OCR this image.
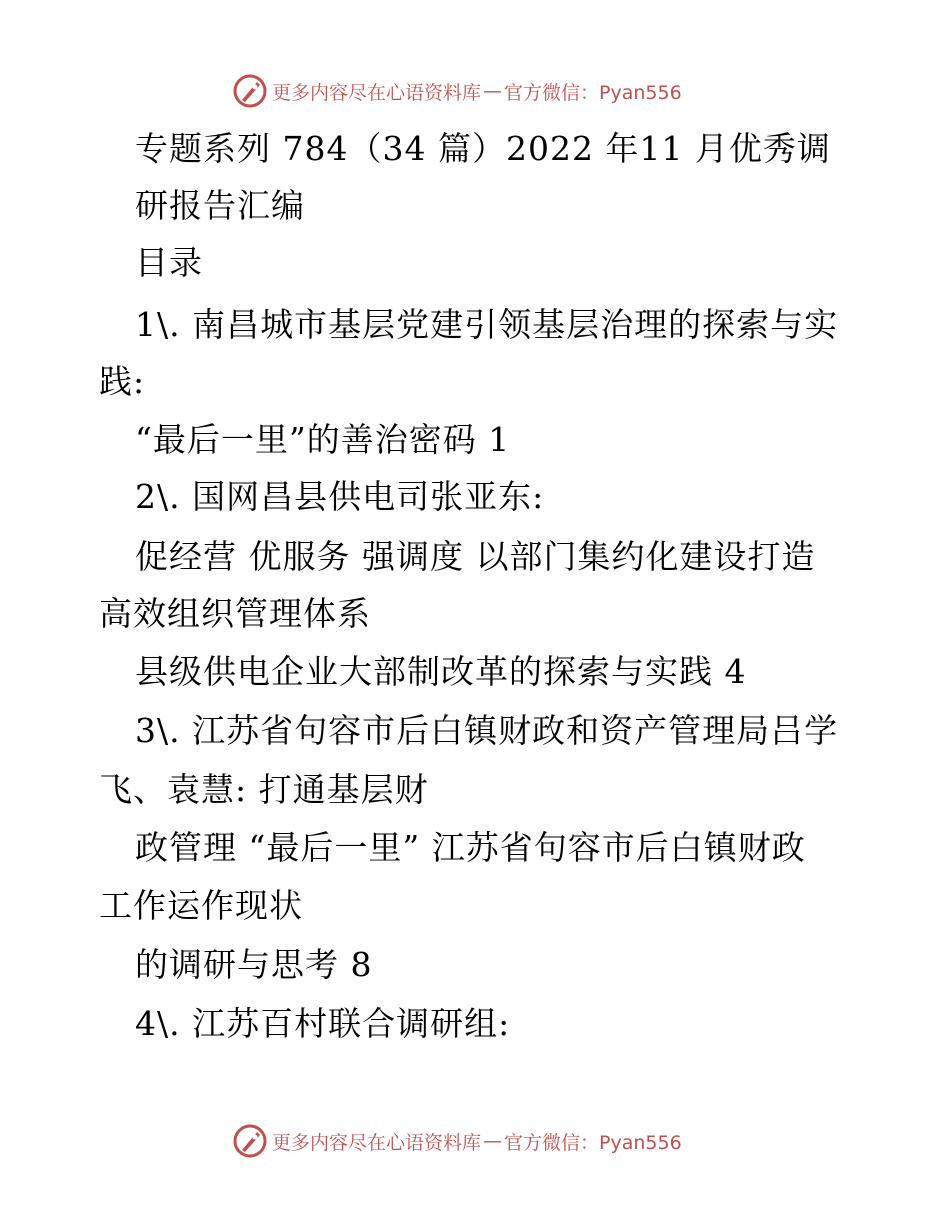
更多内容尽在心语资料库 — 官方微信：Pyan556
专题系列 784（34 篇）2022 年11 月优秀调
研报告汇编
目录
1\. 南昌城市基层党建引领基层治理的探索与实
践:
“最后一里”的善治密码 1
2\. 国网昌县供电司张亚东:
促经营 优服务 强调度 以部门集约化建设打造
高效组织管理体系
县级供电企业大部制改革的探索与实践 4
3\. 江苏省句容市后白镇财政和资产管理局吕学
飞、袁慧: 打通基层财
政管理 “最后一里” 江苏省句容市后白镇财政
工作运作现状
的调研与思考 8
4\. 江苏百村联合调研组:
更多内容尽在心语资料库 — 官方微信：Pyan556
